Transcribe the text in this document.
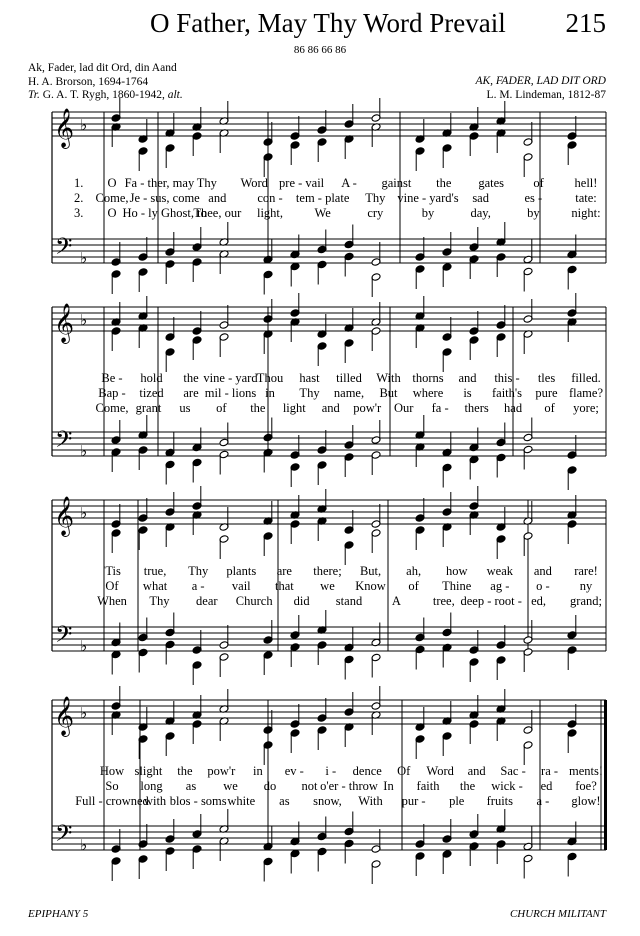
O Father, May Thy Word Prevail 215
86 86 66 86
Ak, Fader, lad dit Ord, din Aand
H. A. Brorson, 1694-1764
Tr. G. A. T. Rygh, 1860-1942, alt.
AK, FADER, LAD DIT ORD
L. M. Lindeman, 1812-87
𝄞
𝄢
♭
♭
𝄞
𝄢
♭
♭
𝄞
𝄢
♭
♭
𝄞
𝄢
♭
♭
1. O Fa - ther, may Thy Word pre - vail A - gainst the gates of hell!
2. Come, Je - sus, come and con - tem - plate Thy vine - yard's sad	es -	tate:
3. O Ho - ly Ghost, to
Thee, our light,	We	cry	by	day,	by	night:
Be - hold the vine - yard Thou hast tilled With thorns and this - tles filled.
Bap - tized are mil - lions in Thy name, But where is faith's pure flame?
Come, grant us of the light and pow'r Our fa - thers had of yore;
'Tis true, Thy plants are there; But, ah, how weak and rare!
Of what a - vail that we Know of Thine ag - o - ny
When Thy dear Church did stand A	tree, deep - root - ed, grand;
How slight the pow'r in ev - i - dence Of Word and Sac - ra - ments!
So long as we do not o'er - throw In faith the wick - ed foe?
Full - crowned
with blos - soms white as snow, With pur - ple fruits a - glow!
EPIPHANY 5	CHURCH MILITANT
